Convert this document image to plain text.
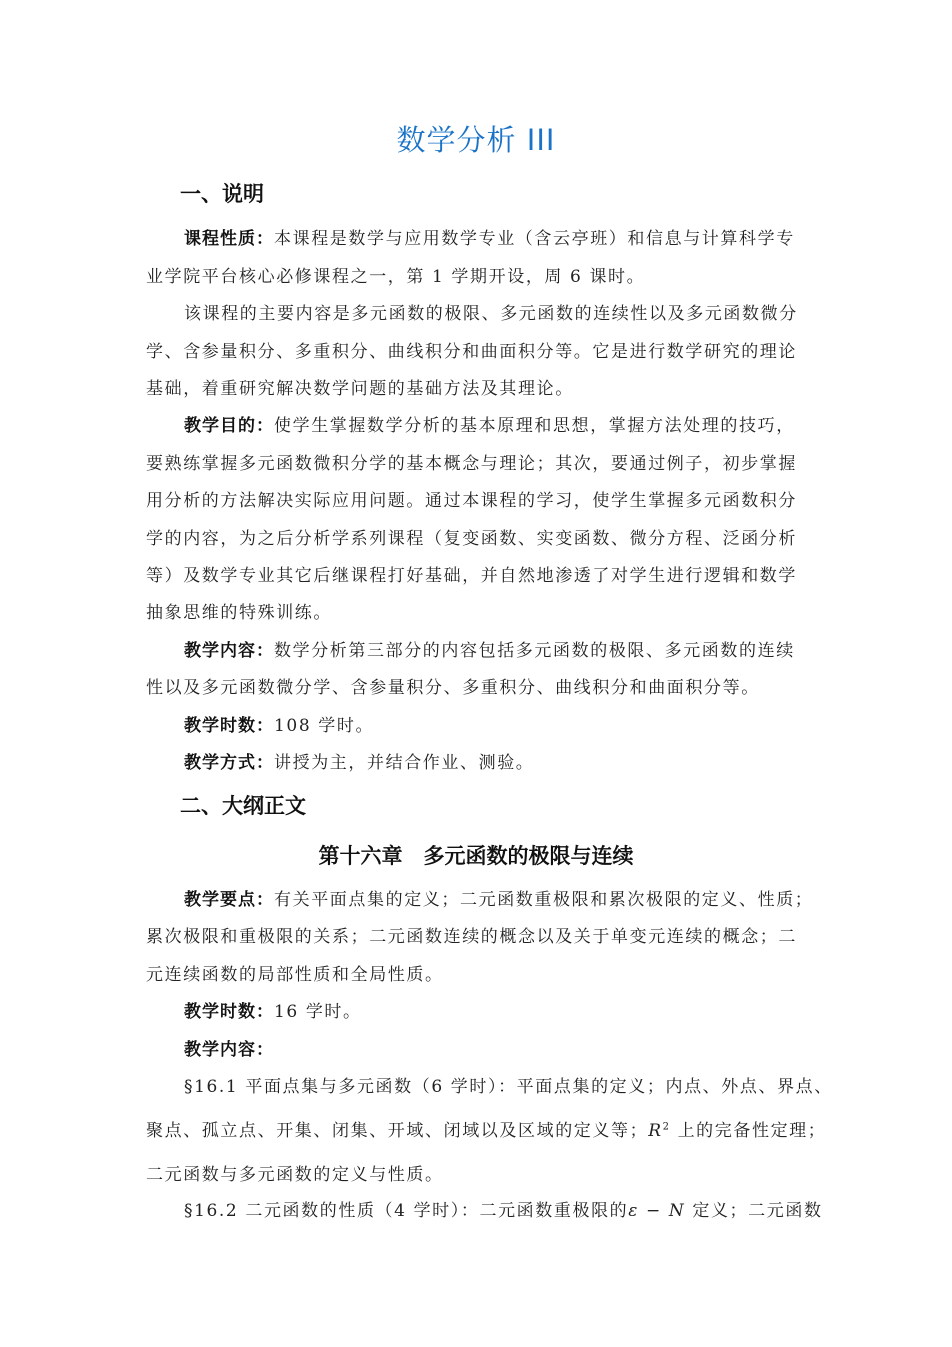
数学分析 III
一、说明
课程性质：本课程是数学与应用数学专业（含云亭班）和信息与计算科学专
业学院平台核心必修课程之一，第 1 学期开设，周 6 课时。
该课程的主要内容是多元函数的极限、多元函数的连续性以及多元函数微分
学、含参量积分、多重积分、曲线积分和曲面积分等。它是进行数学研究的理论
基础，着重研究解决数学问题的基础方法及其理论。
教学目的：使学生掌握数学分析的基本原理和思想，掌握方法处理的技巧，
要熟练掌握多元函数微积分学的基本概念与理论；其次，要通过例子，初步掌握
用分析的方法解决实际应用问题。通过本课程的学习，使学生掌握多元函数积分
学的内容，为之后分析学系列课程（复变函数、实变函数、微分方程、泛函分析
等）及数学专业其它后继课程打好基础，并自然地渗透了对学生进行逻辑和数学
抽象思维的特殊训练。
教学内容：数学分析第三部分的内容包括多元函数的极限、多元函数的连续
性以及多元函数微分学、含参量积分、多重积分、曲线积分和曲面积分等。
教学时数：108 学时。
教学方式：讲授为主，并结合作业、测验。
二、大纲正文
第十六章　多元函数的极限与连续
教学要点：有关平面点集的定义；二元函数重极限和累次极限的定义、性质；
累次极限和重极限的关系；二元函数连续的概念以及关于单变元连续的概念；二
元连续函数的局部性质和全局性质。
教学时数：16 学时。
教学内容：
§16.1 平面点集与多元函数（6 学时）：平面点集的定义；内点、外点、界点、
聚点、孤立点、开集、闭集、开域、闭域以及区域的定义等；$R^2$ 上的完备性定理；
二元函数与多元函数的定义与性质。
§16.2 二元函数的性质（4 学时）：二元函数重极限的ε − N 定义；二元函数
